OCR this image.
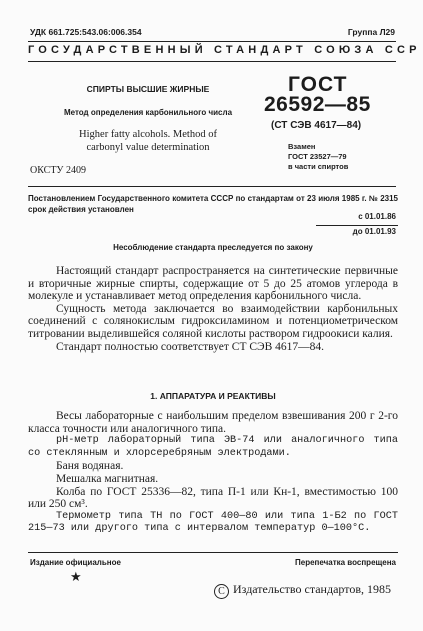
УДК 661.725:543.06:006.354	Группа Л29
ГОСУДАРСТВЕННЫЙ СТАНДАРТ СОЮЗА ССР
СПИРТЫ ВЫСШИЕ ЖИРНЫЕ
Метод определения карбонильного числа
Higher fatty alcohols. Method of
carbonyl value determination
ГОСТ
26592—85
(СТ СЭВ 4617—84)
Взамен
ГОСТ 23527—79
в части спиртов
ОКСТУ 2409
Постановлением Государственного комитета СССР по стандартам от 23 июля 1985 г. № 2315 срок действия установлен
с 01.01.86
до 01.01.93
Несоблюдение стандарта преследуется по закону

Настоящий стандарт распространяется на синтетические первичные и вторичные жирные спирты, содержащие от 5 до 25 атомов углерода в молекуле и устанавливает метод определения карбонильного числа.

Сущность метода заключается во взаимодействии карбонильных соединений с солянокислым гидроксиламином и потенциометрическом титровании выделившейся соляной кислоты раствором гидроокиси калия.

Стандарт полностью соответствует СТ СЭВ 4617—84.

1. АППАРАТУРА И РЕАКТИВЫ

Весы лабораторные с наибольшим пределом взвешивания 200 г 2-го класса точности или аналогичного типа.

pH-метр лабораторный типа ЭВ-74 или аналогичного типа со стеклянным и хлорсеребряным электродами.

Баня водяная.

Мешалка магнитная.

Колба по ГОСТ 25336—82, типа П-1 или Кн-1, вместимостью 100 или 250 см³.

Термометр типа ТН по ГОСТ 400—80 или типа 1-Б2 по ГОСТ 215—73 или другого типа с интервалом температур 0—100°С.

Издание официальное	Перепечатка воспрещена
★
С Издательство стандартов, 1985
